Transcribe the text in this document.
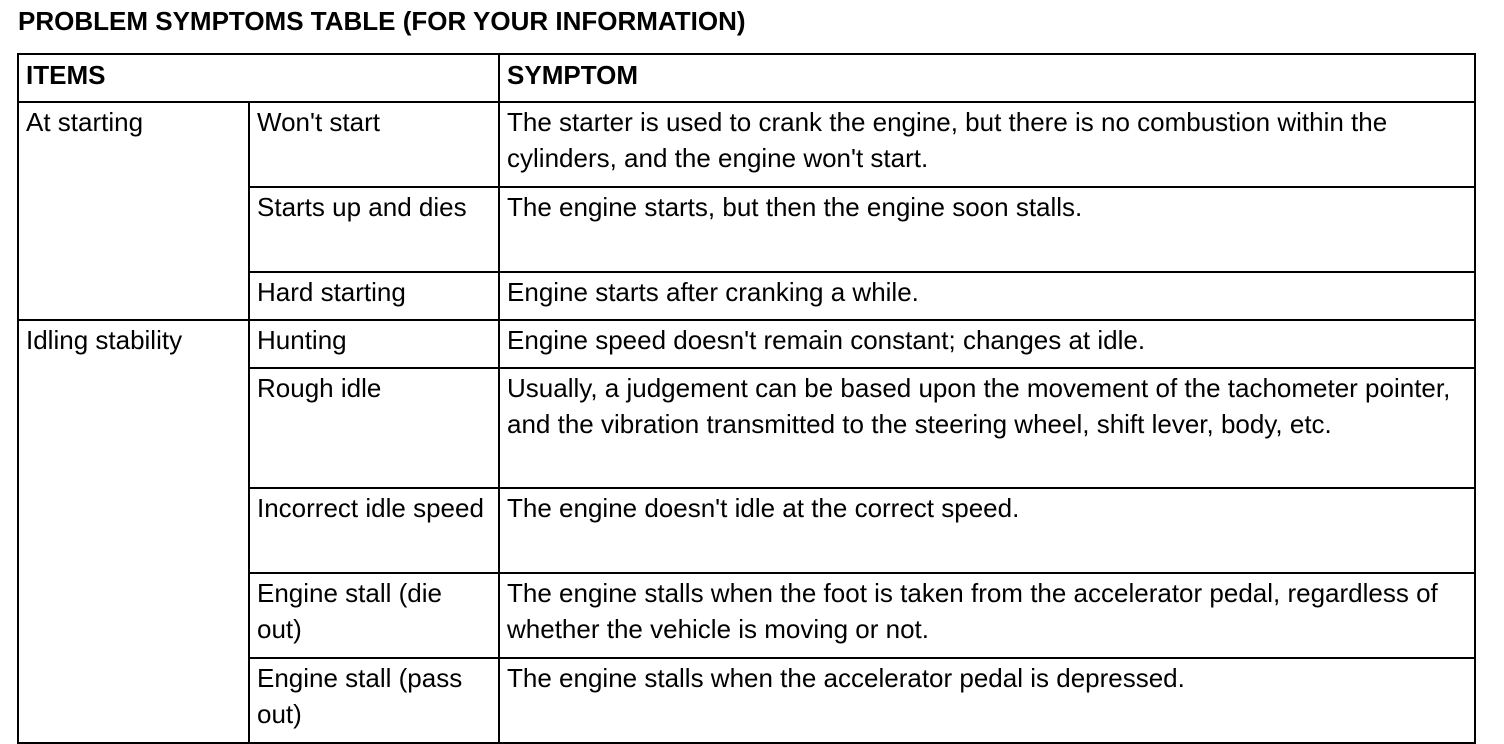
PROBLEM SYMPTOMS TABLE (FOR YOUR INFORMATION)
ITEMS		SYMPTOM
At starting	Won't start	The starter is used to crank the engine, but there is no combustion within the cylinders, and the engine won't start.
	Starts up and dies	The engine starts, but then the engine soon stalls.
	Hard starting	Engine starts after cranking a while.
Idling stability	Hunting	Engine speed doesn't remain constant; changes at idle.
	Rough idle	Usually, a judgement can be based upon the movement of the tachometer pointer, and the vibration transmitted to the steering wheel, shift lever, body, etc.
	Incorrect idle speed	The engine doesn't idle at the correct speed.
	Engine stall (die out)	The engine stalls when the foot is taken from the accelerator pedal, regardless of whether the vehicle is moving or not.
	Engine stall (pass out)	The engine stalls when the accelerator pedal is depressed.
